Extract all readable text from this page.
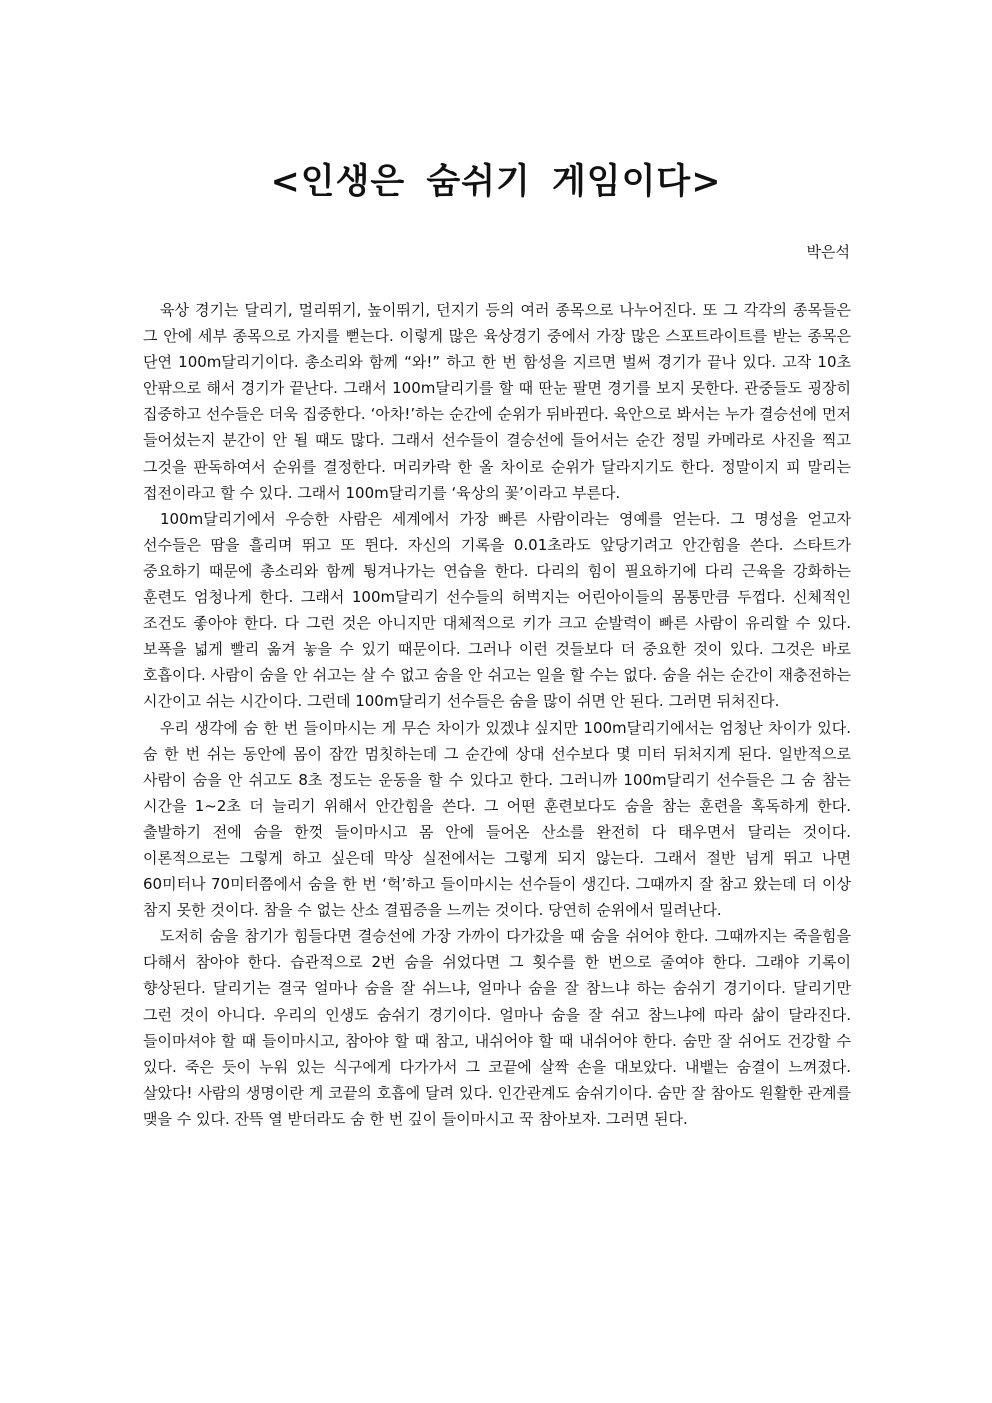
<인생은 숨쉬기 게임이다>

박은석

육상 경기는 달리기, 멀리뛰기, 높이뛰기, 던지기 등의 여러 종목으로 나누어진다. 또 그 각각의 종목들은 그 안에 세부 종목으로 가지를 뻗는다. 이렇게 많은 육상경기 중에서 가장 많은 스포트라이트를 받는 종목은 단연 100m달리기이다. 총소리와 함께 “와!” 하고 한 번 함성을 지르면 벌써 경기가 끝나 있다. 고작 10초 안팎으로 해서 경기가 끝난다. 그래서 100m달리기를 할 때 딴눈 팔면 경기를 보지 못한다. 관중들도 굉장히 집중하고 선수들은 더욱 집중한다. ‘아차!’하는 순간에 순위가 뒤바뀐다. 육안으로 봐서는 누가 결승선에 먼저 들어섰는지 분간이 안 될 때도 많다. 그래서 선수들이 결승선에 들어서는 순간 정밀 카메라로 사진을 찍고 그것을 판독하여서 순위를 결정한다. 머리카락 한 올 차이로 순위가 달라지기도 한다. 정말이지 피 말리는 접전이라고 할 수 있다. 그래서 100m달리기를 ‘육상의 꽃’이라고 부른다.

100m달리기에서 우승한 사람은 세계에서 가장 빠른 사람이라는 영예를 얻는다. 그 명성을 얻고자 선수들은 땀을 흘리며 뛰고 또 뛴다. 자신의 기록을 0.01초라도 앞당기려고 안간힘을 쓴다. 스타트가 중요하기 때문에 총소리와 함께 튕겨나가는 연습을 한다. 다리의 힘이 필요하기에 다리 근육을 강화하는 훈련도 엄청나게 한다. 그래서 100m달리기 선수들의 허벅지는 어린아이들의 몸통만큼 두껍다. 신체적인 조건도 좋아야 한다. 다 그런 것은 아니지만 대체적으로 키가 크고 순발력이 빠른 사람이 유리할 수 있다. 보폭을 넓게 빨리 옮겨 놓을 수 있기 때문이다. 그러나 이런 것들보다 더 중요한 것이 있다. 그것은 바로 호흡이다. 사람이 숨을 안 쉬고는 살 수 없고 숨을 안 쉬고는 일을 할 수는 없다. 숨을 쉬는 순간이 재충전하는 시간이고 쉬는 시간이다. 그런데 100m달리기 선수들은 숨을 많이 쉬면 안 된다. 그러면 뒤처진다.

우리 생각에 숨 한 번 들이마시는 게 무슨 차이가 있겠냐 싶지만 100m달리기에서는 엄청난 차이가 있다. 숨 한 번 쉬는 동안에 몸이 잠깐 멈칫하는데 그 순간에 상대 선수보다 몇 미터 뒤처지게 된다. 일반적으로 사람이 숨을 안 쉬고도 8초 정도는 운동을 할 수 있다고 한다. 그러니까 100m달리기 선수들은 그 숨 참는 시간을 1~2초 더 늘리기 위해서 안간힘을 쓴다. 그 어떤 훈련보다도 숨을 참는 훈련을 혹독하게 한다. 출발하기 전에 숨을 한껏 들이마시고 몸 안에 들어온 산소를 완전히 다 태우면서 달리는 것이다. 이론적으로는 그렇게 하고 싶은데 막상 실전에서는 그렇게 되지 않는다. 그래서 절반 넘게 뛰고 나면 60미터나 70미터쯤에서 숨을 한 번 ‘헉’하고 들이마시는 선수들이 생긴다. 그때까지 잘 참고 왔는데 더 이상 참지 못한 것이다. 참을 수 없는 산소 결핍증을 느끼는 것이다. 당연히 순위에서 밀려난다.

도저히 숨을 참기가 힘들다면 결승선에 가장 가까이 다가갔을 때 숨을 쉬어야 한다. 그때까지는 죽을힘을 다해서 참아야 한다. 습관적으로 2번 숨을 쉬었다면 그 횟수를 한 번으로 줄여야 한다. 그래야 기록이 향상된다. 달리기는 결국 얼마나 숨을 잘 쉬느냐, 얼마나 숨을 잘 참느냐 하는 숨쉬기 경기이다. 달리기만 그런 것이 아니다. 우리의 인생도 숨쉬기 경기이다. 얼마나 숨을 잘 쉬고 참느냐에 따라 삶이 달라진다. 들이마셔야 할 때 들이마시고, 참아야 할 때 참고, 내쉬어야 할 때 내쉬어야 한다. 숨만 잘 쉬어도 건강할 수 있다. 죽은 듯이 누워 있는 식구에게 다가가서 그 코끝에 살짝 손을 대보았다. 내뱉는 숨결이 느껴졌다. 살았다! 사람의 생명이란 게 코끝의 호흡에 달려 있다. 인간관계도 숨쉬기이다. 숨만 잘 참아도 원활한 관계를 맺을 수 있다. 잔뜩 열 받더라도 숨 한 번 깊이 들이마시고 꾹 참아보자. 그러면 된다.
